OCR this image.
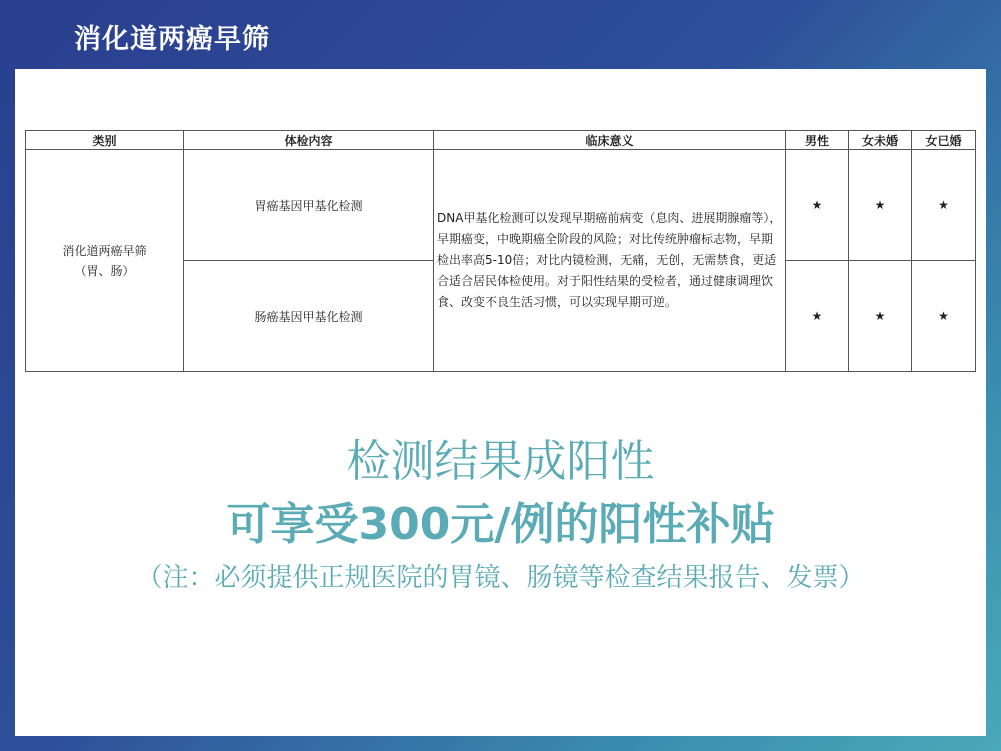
消化道两癌早筛
类别	体检内容	临床意义	男性	女未婚	女已婚

消化道两癌早筛
（胃、肠）	胃癌基因甲基化检测	DNA甲基化检测可以发现早期癌前病变（息肉、进展期腺瘤等），早期癌变，中晚期癌全阶段的风险；对比传统肿瘤标志物，早期检出率高5-10倍；对比内镜检测，无痛，无创，无需禁食，更适合适合居民体检使用。对于阳性结果的受检者，通过健康调理饮食、改变不良生活习惯，可以实现早期可逆。	★	★	★
	肠癌基因甲基化检测		★	★	★
检测结果成阳性
可享受300元/例的阳性补贴
（注：必须提供正规医院的胃镜、肠镜等检查结果报告、发票）
